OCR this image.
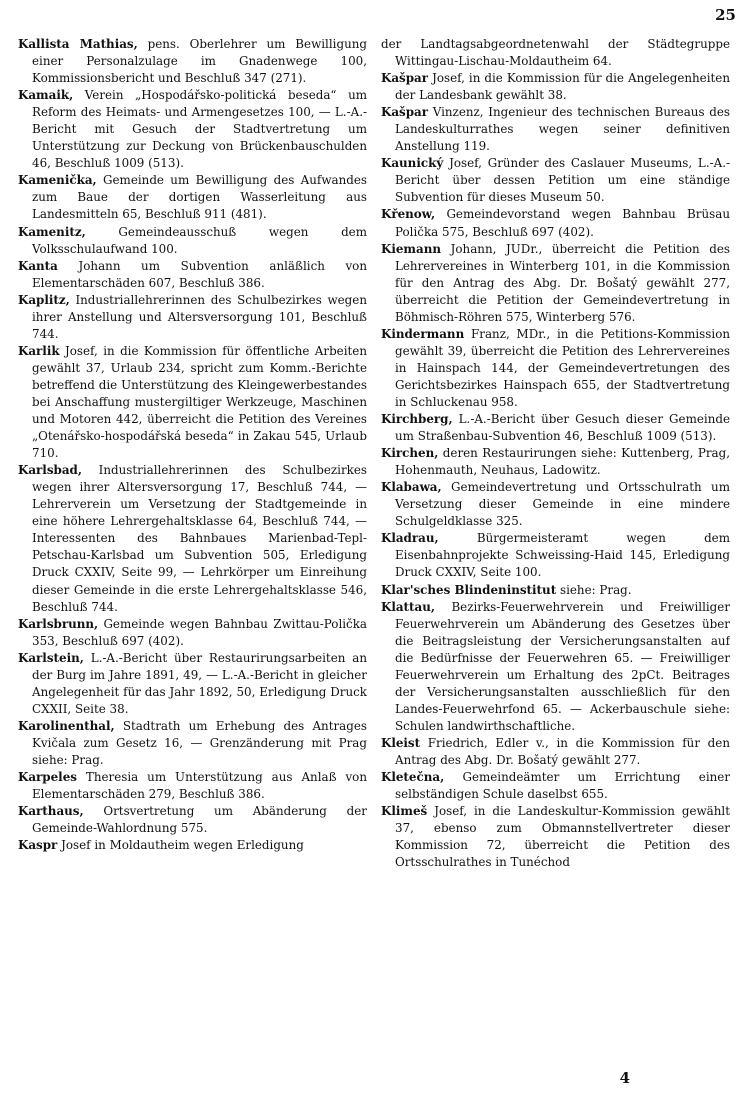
25

Kallista Mathias, pens. Oberlehrer um Bewilligung einer Personalzulage im Gnadenwege 100, Kommissionsbericht und Beschluß 347 (271).

Kamaik, Verein „Hospodářsko-politická beseda“ um Reform des Heimats- und Armengesetzes 100, — L.-A.-Bericht mit Gesuch der Stadtvertretung um Unterstützung zur Deckung von Brückenbauschulden 46, Beschluß 1009 (513).

Kamenička, Gemeinde um Bewilligung des Aufwandes zum Baue der dortigen Wasserleitung aus Landesmitteln 65, Beschluß 911 (481).

Kamenitz,	Gemeindeausschuß wegen dem Volksschulaufwand 100.

Kanta Johann um Subvention anläßlich von Elementarschäden 607, Beschluß 386.

Kaplitz, Industriallehrerinnen des Schulbezirkes wegen ihrer Anstellung und Altersversorgung 101, Beschluß 744.

Karlik Josef, in die Kommission für öffentliche Arbeiten gewählt 37, Urlaub 234, spricht zum Komm.-Berichte betreffend die Unterstützung des Kleingewerbestandes bei Anschaffung mustergiltiger Werkzeuge, Maschinen und Motoren 442, überreicht die Petition des Vereines „Otenářsko-hospodářská beseda“ in Zakau 545, Urlaub 710.

Karlsbad, Industriallehrerinnen des Schulbezirkes wegen ihrer Altersversorgung 17, Beschluß 744, — Lehrerverein um Versetzung der Stadtgemeinde in eine höhere Lehrergehaltsklasse 64, Beschluß 744, — Interessenten des Bahnbaues Marienbad-Tepl-Petschau-Karlsbad um Subvention 505, Erledigung Druck CXXIV, Seite 99, — Lehrkörper um Einreihung dieser Gemeinde in die erste Lehrergehaltsklasse 546, Beschluß 744.

Karlsbrunn, Gemeinde wegen Bahnbau Zwittau-Polička 353, Beschluß 697 (402).

Karlstein, L.-A.-Bericht über Restaurirungsarbeiten an der Burg im Jahre 1891, 49, — L.-A.-Bericht in gleicher Angelegenheit für das Jahr 1892, 50, Erledigung Druck CXXII, Seite 38.

Karolinenthal, Stadtrath um Erhebung des Antrages Kvičala zum Gesetz 16, — Grenzänderung mit Prag siehe: Prag.

Karpeles Theresia um Unterstützung aus Anlaß von Elementarschäden 279, Beschluß 386.

Karthaus, Ortsvertretung um Abänderung der Gemeinde-Wahlordnung 575.

Kaspr Josef in Moldautheim wegen Erledigung

der Landtagsabgeordnetenwahl der Städtegruppe Wittingau-Lischau-Moldautheim 64.

Kašpar Josef, in die Kommission für die Angelegenheiten der Landesbank gewählt 38.

Kašpar Vinzenz, Ingenieur des technischen Bureaus des Landeskulturrathes wegen seiner definitiven Anstellung 119.

Kaunický Josef, Gründer des Caslauer Museums, L.-A.-Bericht über dessen Petition um eine ständige Subvention für dieses Museum 50.

Křenow, Gemeindevorstand wegen Bahnbau Brüsau Polička 575, Beschluß 697 (402).

Kiemann Johann, JUDr., überreicht die Petition des Lehrervereines in Winterberg 101, in die Kommission für den Antrag des Abg. Dr. Bošatý gewählt 277, überreicht die Petition der Gemeindevertretung in Böhmisch-Röhren 575, Winterberg 576.

Kindermann Franz, MDr., in die Petitions-Kommission gewählt 39, überreicht die Petition des Lehrervereines in Hainspach 144, der Gemeindevertretungen des Gerichtsbezirkes Hainspach 655, der Stadtvertretung in Schluckenau 958.

Kirchberg, L.-A.-Bericht über Gesuch dieser Gemeinde um Straßenbau-Subvention 46, Beschluß 1009 (513).

Kirchen, deren Restaurirungen siehe: Kuttenberg, Prag, Hohenmauth, Neuhaus, Ladowitz.

Klabawa, Gemeindevertretung und Ortsschulrath um Versetzung dieser Gemeinde in eine mindere Schulgeldklasse 325.

Kladrau,	Bürgermeisteramt wegen dem Eisenbahnprojekte Schweissing-Haid 145, Erledigung Druck CXXIV, Seite 100.

Klar'sches Blindeninstitut siehe: Prag.

Klattau, Bezirks-Feuerwehrverein und Freiwilliger Feuerwehrverein um Abänderung des Gesetzes über die Beitragsleistung der Versicherungsanstalten auf die Bedürfnisse der Feuerwehren 65. — Freiwilliger Feuerwehrverein um Erhaltung des 2pCt. Beitrages der Versicherungsanstalten ausschließlich für den Landes-Feuerwehrfond 65. — Ackerbauschule siehe: Schulen landwirthschaftliche.

Kleist Friedrich, Edler v., in die Kommission für den Antrag des Abg. Dr. Bošatý gewählt 277.

Kletečna, Gemeindeämter um Errichtung einer selbständigen Schule daselbst 655.

Klimeš Josef, in die Landeskultur-Kommission gewählt 37, ebenso zum Obmannstellvertreter dieser Kommission 72, überreicht die Petition des Ortsschulrathes in Tunéchod

4
